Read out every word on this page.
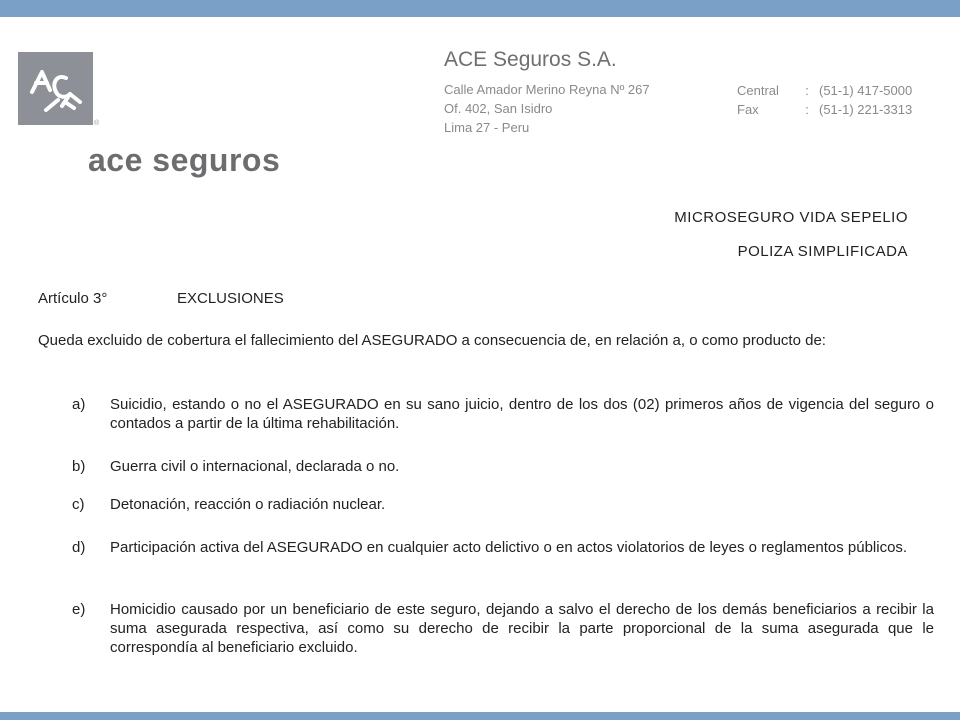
®
ace seguros
ACE Seguros S.A.
Calle Amador Merino Reyna Nº 267
Of. 402, San Isidro
Lima 27 - Peru
Central : (51-1) 417-5000
Fax	: (51-1) 221-3313
MICROSEGURO VIDA SEPELIO
POLIZA SIMPLIFICADA
Artículo 3°	EXCLUSIONES
Queda excluido de cobertura el fallecimiento del ASEGURADO a consecuencia de, en relación a, o como producto de:
a) Suicidio, estando o no el ASEGURADO en su sano juicio, dentro de los dos (02) primeros años de vigencia del seguro o contados a partir de la última rehabilitación.
b) Guerra civil o internacional, declarada o no.
c) Detonación, reacción o radiación nuclear.
d) Participación activa del ASEGURADO en cualquier acto delictivo o en actos violatorios de leyes o reglamentos públicos.
e) Homicidio causado por un beneficiario de este seguro, dejando a salvo el derecho de los demás beneficiarios a recibir la suma asegurada respectiva, así como su derecho de recibir la parte proporcional de la suma asegurada que le correspondía al beneficiario excluido.
